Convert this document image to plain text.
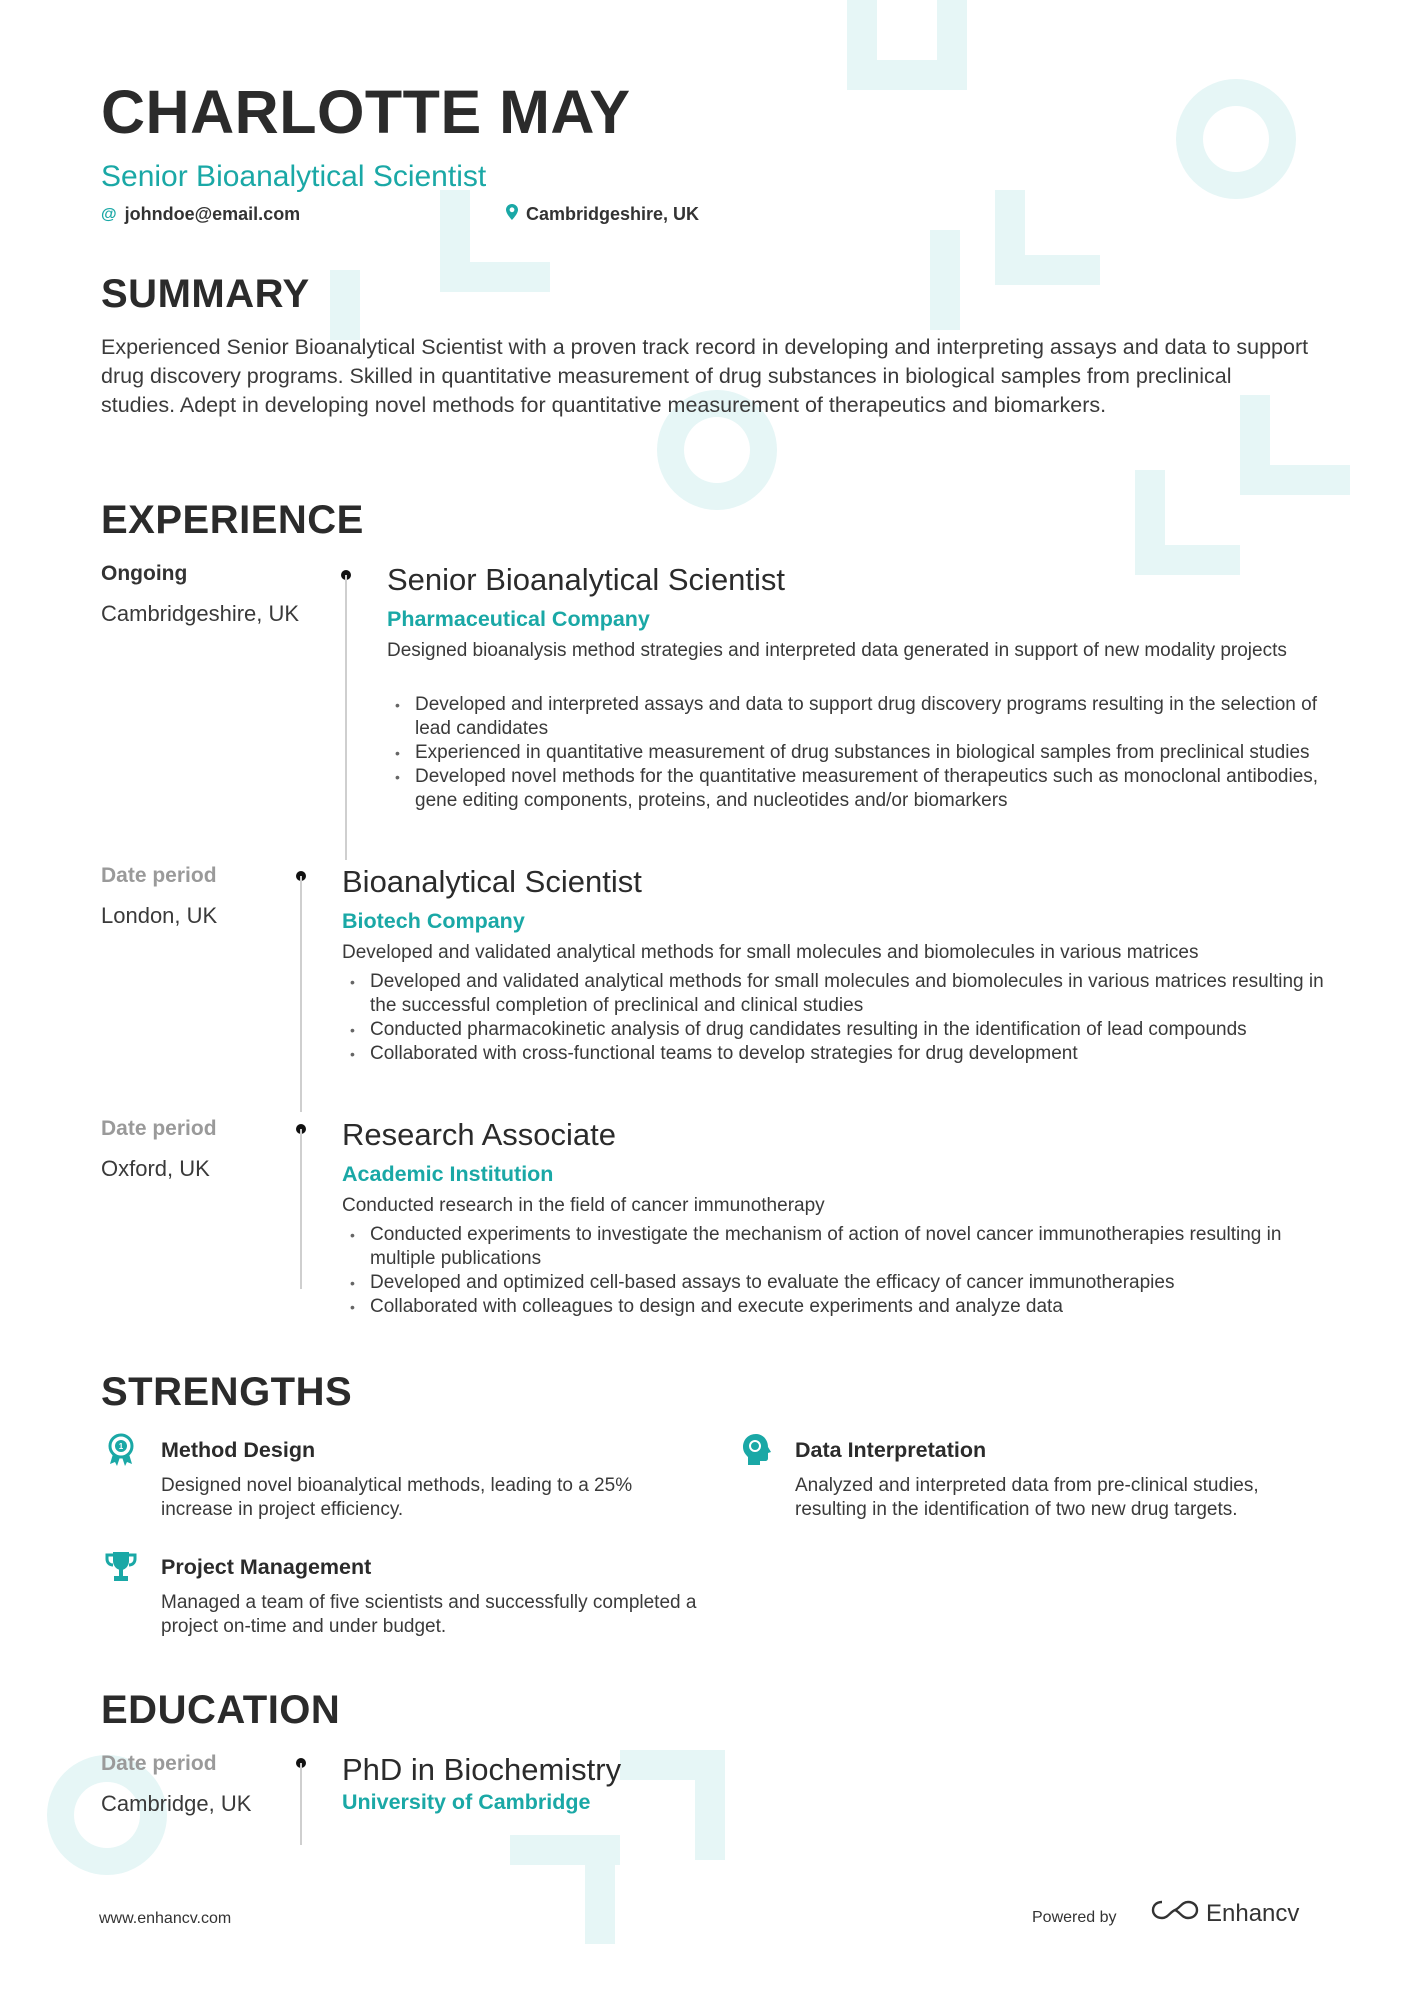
CHARLOTTE MAY
Senior Bioanalytical Scientist
@ johndoe@email.com	Cambridgeshire, UK
SUMMARY
Experienced Senior Bioanalytical Scientist with a proven track record in developing and interpreting assays and data to support drug discovery programs. Skilled in quantitative measurement of drug substances in biological samples from preclinical studies. Adept in developing novel methods for quantitative measurement of therapeutics and biomarkers.
EXPERIENCE
Ongoing
Cambridgeshire, UK
Senior Bioanalytical Scientist
Pharmaceutical Company
Designed bioanalysis method strategies and interpreted data generated in support of new modality projects
• Developed and interpreted assays and data to support drug discovery programs resulting in the selection of lead candidates
• Experienced in quantitative measurement of drug substances in biological samples from preclinical studies
• Developed novel methods for the quantitative measurement of therapeutics such as monoclonal antibodies, gene editing components, proteins, and nucleotides and/or biomarkers
Date period
London, UK
Bioanalytical Scientist
Biotech Company
Developed and validated analytical methods for small molecules and biomolecules in various matrices
• Developed and validated analytical methods for small molecules and biomolecules in various matrices resulting in the successful completion of preclinical and clinical studies
• Conducted pharmacokinetic analysis of drug candidates resulting in the identification of lead compounds
• Collaborated with cross-functional teams to develop strategies for drug development
Date period
Oxford, UK
Research Associate
Academic Institution
Conducted research in the field of cancer immunotherapy
• Conducted experiments to investigate the mechanism of action of novel cancer immunotherapies resulting in multiple publications
• Developed and optimized cell-based assays to evaluate the efficacy of cancer immunotherapies
• Collaborated with colleagues to design and execute experiments and analyze data
STRENGTHS
1 Method Design
Designed novel bioanalytical methods, leading to a 25% increase in project efficiency.
Data Interpretation
Analyzed and interpreted data from pre-clinical studies, resulting in the identification of two new drug targets.
Project Management
Managed a team of five scientists and successfully completed a project on-time and under budget.
EDUCATION
Date period
Cambridge, UK
PhD in Biochemistry
University of Cambridge
www.enhancv.com	Powered by	Enhancv
